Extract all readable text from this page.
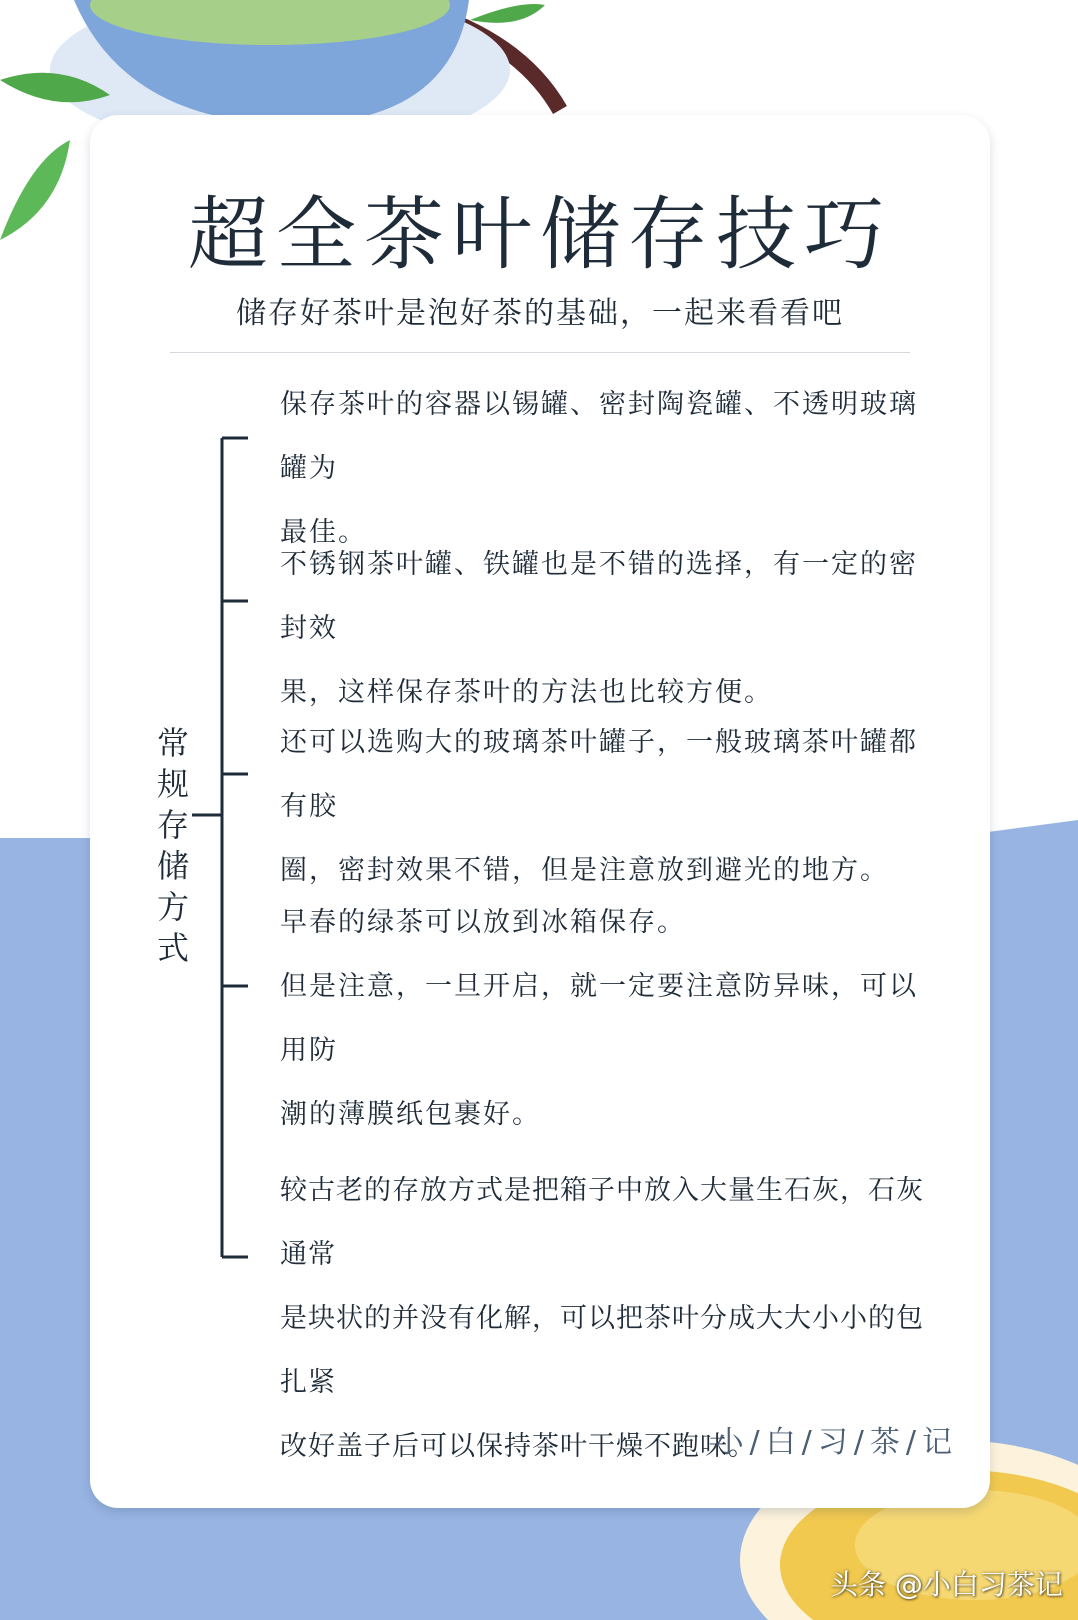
超全茶叶储存技巧
储存好茶叶是泡好茶的基础，一起来看看吧
常规存储方式

保存茶叶的容器以锡罐、密封陶瓷罐、不透明玻璃罐为

最佳。

不锈钢茶叶罐、铁罐也是不错的选择，有一定的密封效

果，这样保存茶叶的方法也比较方便。

还可以选购大的玻璃茶叶罐子，一般玻璃茶叶罐都有胶

圈，密封效果不错，但是注意放到避光的地方。

早春的绿茶可以放到冰箱保存。

但是注意，一旦开启，就一定要注意防异味，可以用防

潮的薄膜纸包裹好。

较古老的存放方式是把箱子中放入大量生石灰，石灰通常

是块状的并没有化解，可以把茶叶分成大大小小的包扎紧

改好盖子后可以保持茶叶干燥不跑味。

小/白/习/茶/记
头条 @小白习茶记
